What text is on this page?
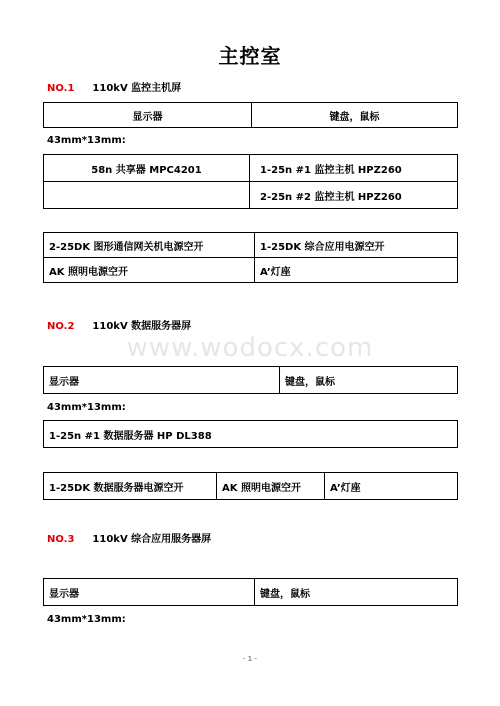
主控室
www.wodocx.com
NO.1 110kV 监控主机屏
显示器	键盘，鼠标
43mm*13mm:
58n 共享器 MPC4201	1-25n #1 监控主机 HPZ260
	2-25n #2 监控主机 HPZ260
2-25DK 图形通信网关机电源空开	1-25DK 综合应用电源空开
AK 照明电源空开	A’灯座
NO.2 110kV 数据服务器屏
显示器	键盘，鼠标
43mm*13mm:
1-25n #1 数据服务器 HP DL388
1-25DK 数据服务器电源空开	AK 照明电源空开	A’灯座
NO.3 110kV 综合应用服务器屏
显示器	键盘，鼠标
43mm*13mm:
- 1 -
